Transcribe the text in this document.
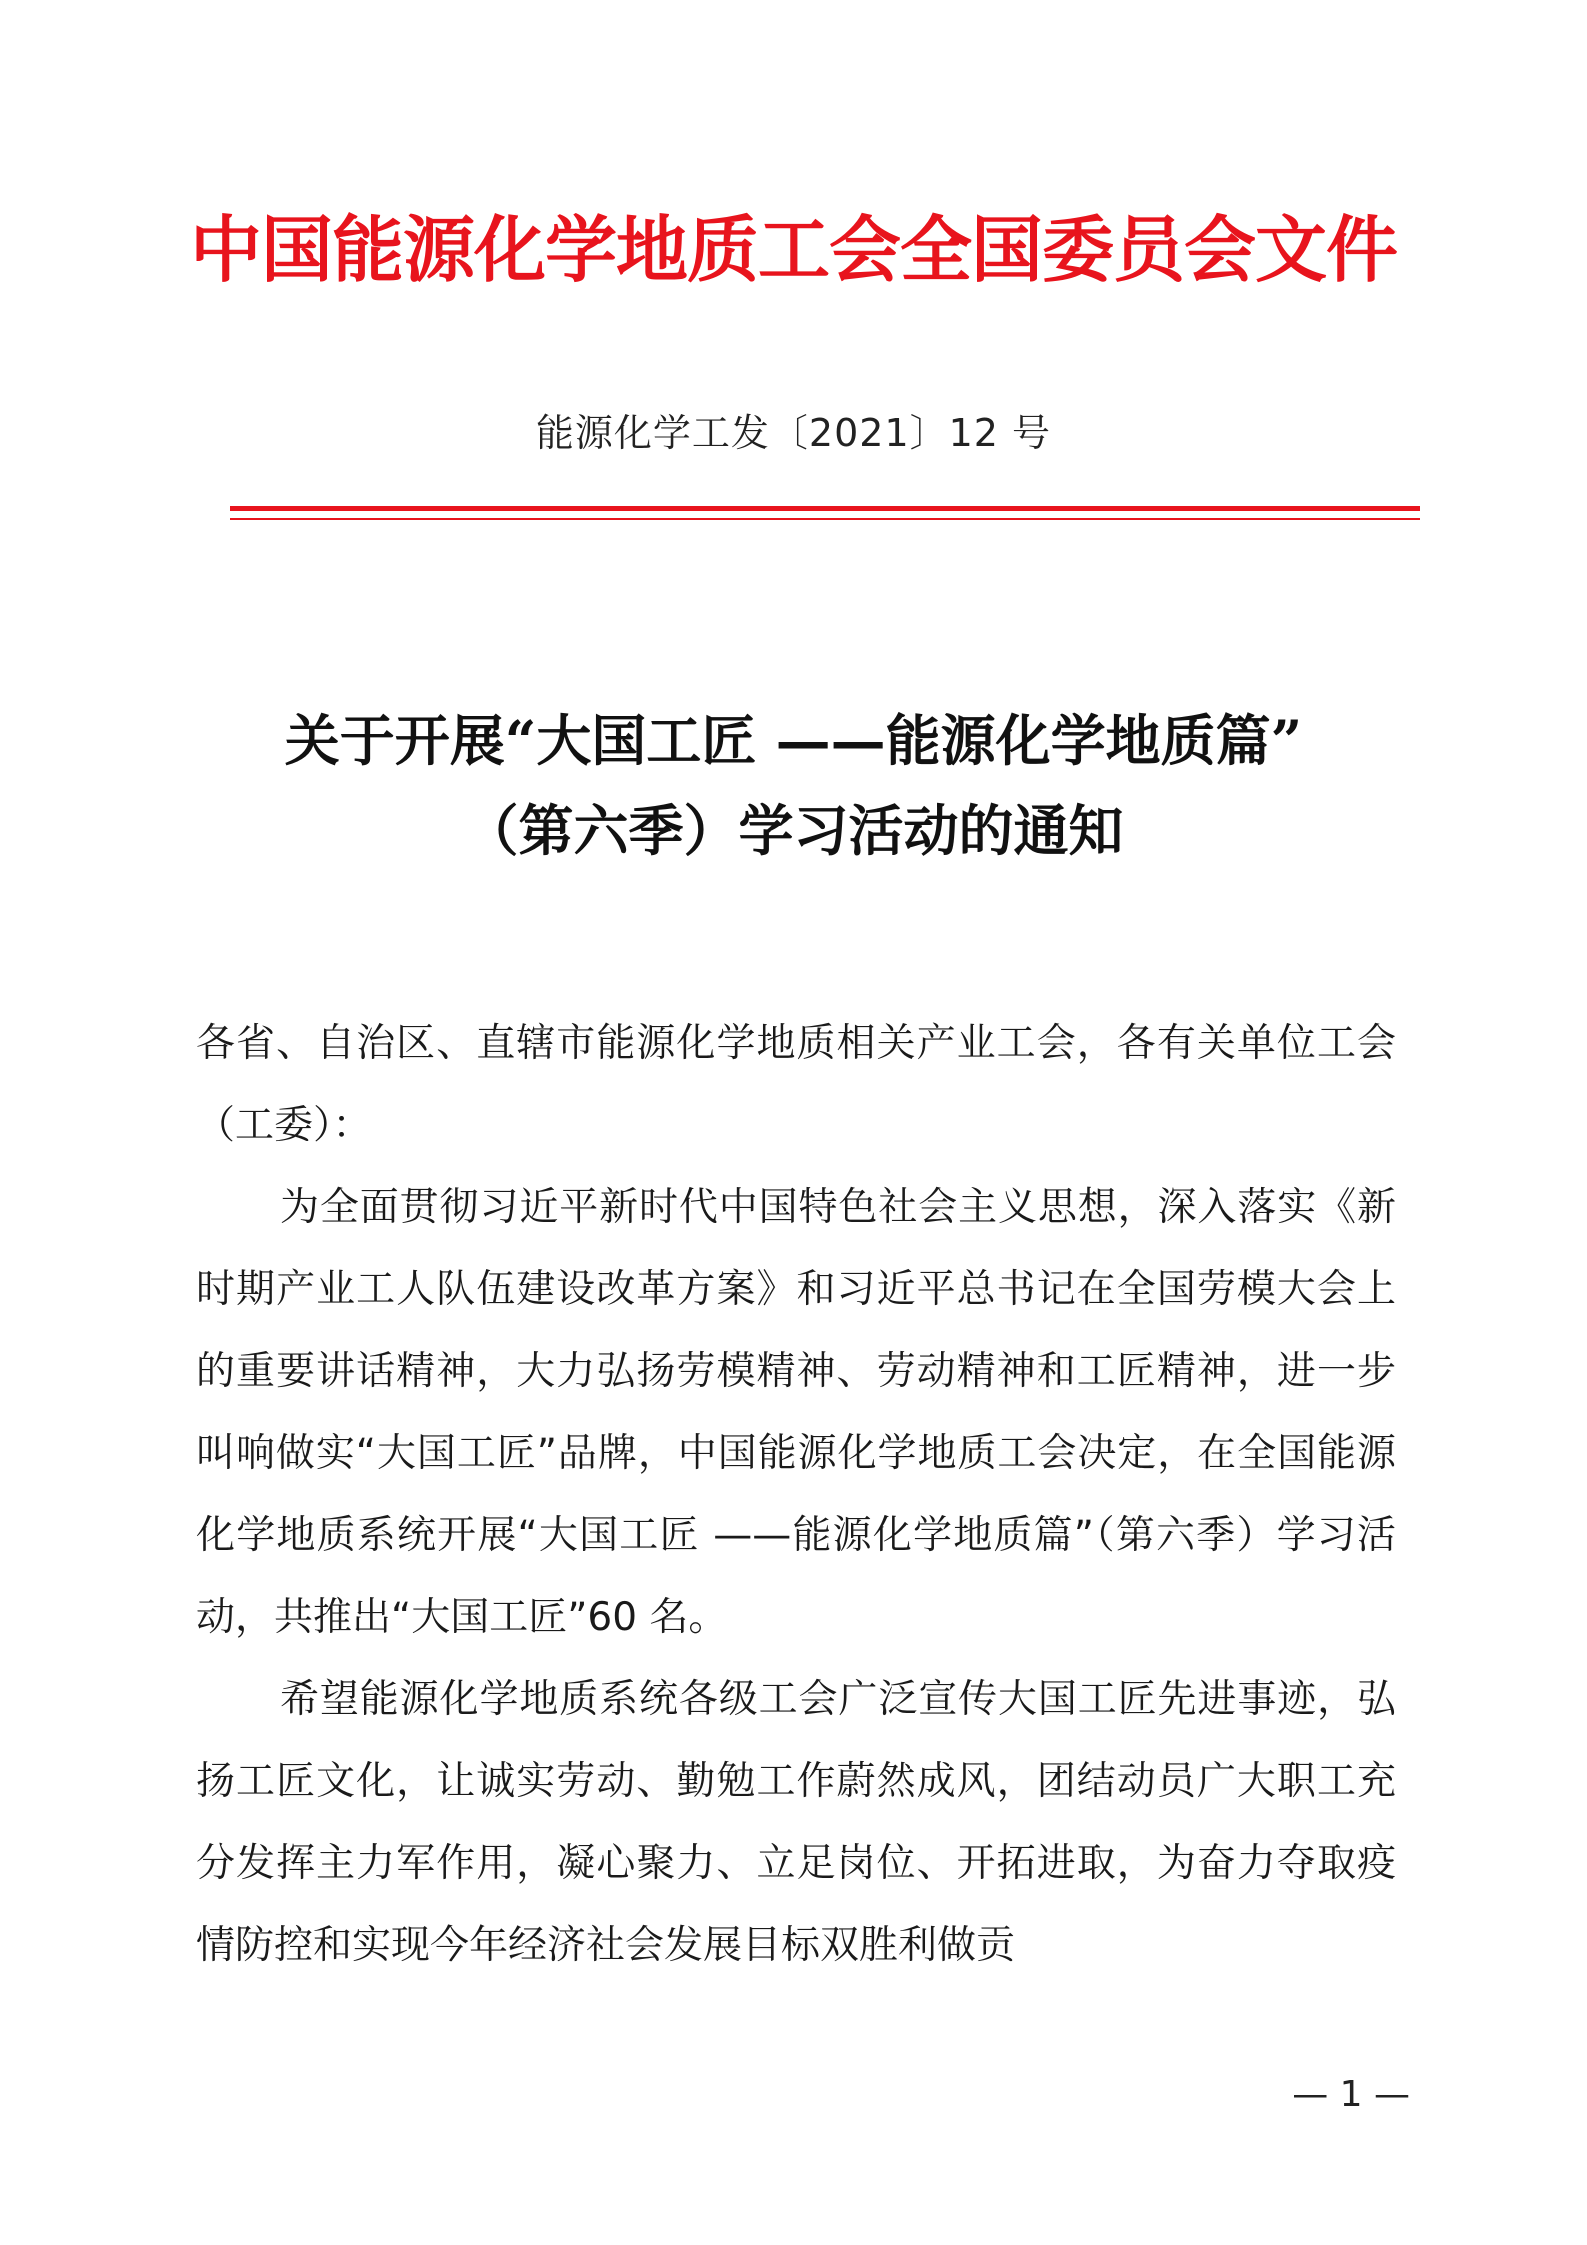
中国能源化学地质工会全国委员会文件
能源化学工发〔2021〕12 号
关于开展“大国工匠 ——能源化学地质篇”
（第六季）学习活动的通知

各省、自治区、直辖市能源化学地质相关产业工会，各有关单位工会（工委）：

为全面贯彻习近平新时代中国特色社会主义思想，深入落实《新时期产业工人队伍建设改革方案》和习近平总书记在全国劳模大会上的重要讲话精神，大力弘扬劳模精神、劳动精神和工匠精神，进一步叫响做实“大国工匠”品牌，中国能源化学地质工会决定，在全国能源化学地质系统开展“大国工匠 ——能源化学地质篇”（第六季）学习活动，共推出“大国工匠”60 名。

希望能源化学地质系统各级工会广泛宣传大国工匠先进事迹，弘扬工匠文化，让诚实劳动、勤勉工作蔚然成风，团结动员广大职工充分发挥主力军作用，凝心聚力、立足岗位、开拓进取，为奋力夺取疫情防控和实现今年经济社会发展目标双胜利做贡

— 1 —
